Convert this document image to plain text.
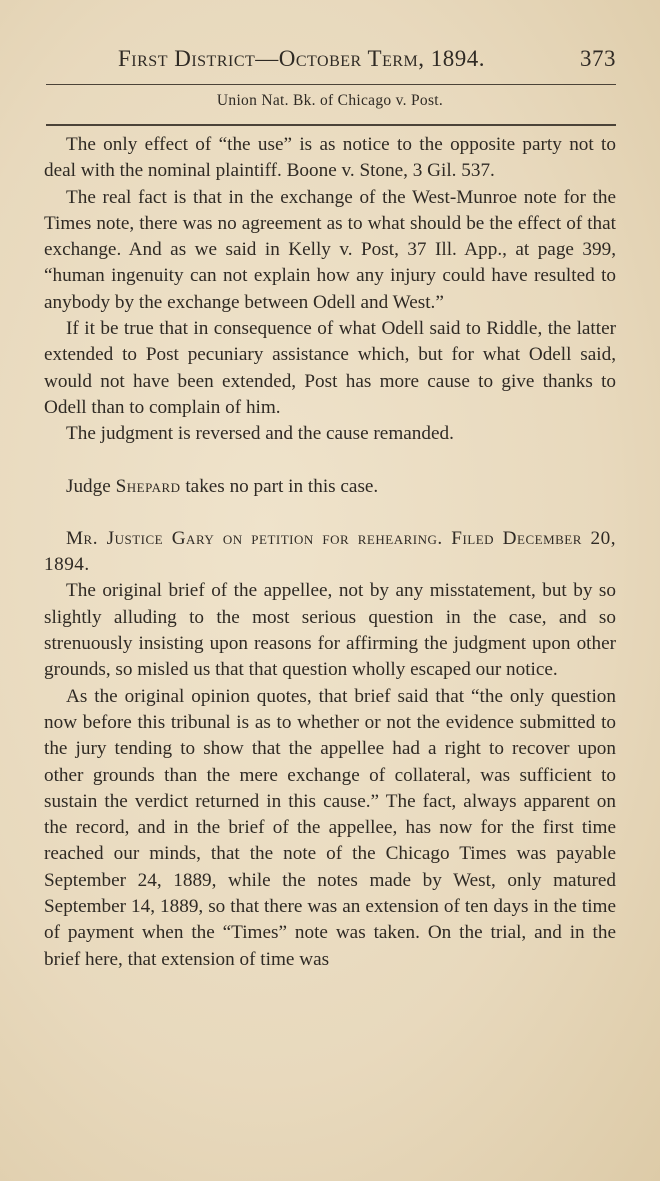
First District—October Term, 1894.	373
Union Nat. Bk. of Chicago v. Post.

The only effect of “the use” is as notice to the opposite party not to deal with the nominal plaintiff. Boone v. Stone, 3 Gil. 537.

The real fact is that in the exchange of the West-Munroe note for the Times note, there was no agreement as to what should be the effect of that exchange. And as we said in Kelly v. Post, 37 Ill. App., at page 399, “human ingenuity can not explain how any injury could have resulted to anybody by the exchange between Odell and West.”

If it be true that in consequence of what Odell said to Riddle, the latter extended to Post pecuniary assistance which, but for what Odell said, would not have been extended, Post has more cause to give thanks to Odell than to complain of him.

The judgment is reversed and the cause remanded.

Judge Shepard takes no part in this case.

Mr. Justice Gary on petition for rehearing. Filed December 20, 1894.

The original brief of the appellee, not by any misstatement, but by so slightly alluding to the most serious question in the case, and so strenuously insisting upon reasons for affirming the judgment upon other grounds, so misled us that that question wholly escaped our notice.

As the original opinion quotes, that brief said that “the only question now before this tribunal is as to whether or not the evidence submitted to the jury tending to show that the appellee had a right to recover upon other grounds than the mere exchange of collateral, was sufficient to sustain the verdict returned in this cause.” The fact, always apparent on the record, and in the brief of the appellee, has now for the first time reached our minds, that the note of the Chicago Times was payable September 24, 1889, while the notes made by West, only matured September 14, 1889, so that there was an extension of ten days in the time of payment when the “Times” note was taken. On the trial, and in the brief here, that extension of time was
